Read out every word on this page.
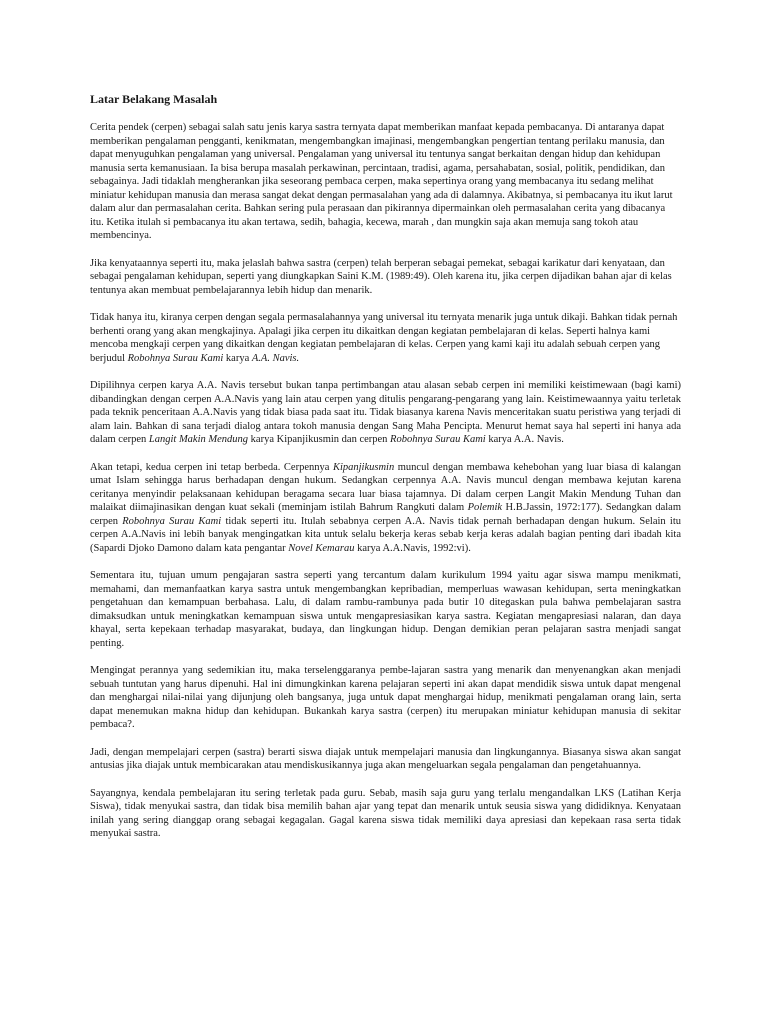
Latar Belakang Masalah

Cerita pendek (cerpen) sebagai salah satu jenis karya sastra ternyata dapat memberikan manfaat kepada pembacanya. Di antaranya dapat memberikan pengalaman pengganti, kenikmatan, mengembangkan imajinasi, mengembangkan pengertian tentang perilaku manusia, dan dapat menyuguhkan pengalaman yang universal. Pengalaman yang universal itu tentunya sangat berkaitan dengan hidup dan kehidupan manusia serta kemanusiaan. Ia bisa berupa masalah perkawinan, percintaan, tradisi, agama, persahabatan, sosial, politik, pendidikan, dan sebagainya. Jadi tidaklah mengherankan jika seseorang pembaca cerpen, maka sepertinya orang yang membacanya itu sedang melihat miniatur kehidupan manusia dan merasa sangat dekat dengan permasalahan yang ada di dalamnya. Akibatnya, si pembacanya itu ikut larut dalam alur dan permasalahan cerita. Bahkan sering pula perasaan dan pikirannya dipermainkan oleh permasalahan cerita yang dibacanya itu. Ketika itulah si pembacanya itu akan tertawa, sedih, bahagia, kecewa, marah , dan mungkin saja akan memuja sang tokoh atau membencinya.

Jika kenyataannya seperti itu, maka jelaslah bahwa sastra (cerpen) telah berperan sebagai pemekat, sebagai karikatur dari kenyataan, dan sebagai pengalaman kehidupan, seperti yang diungkapkan Saini K.M. (1989:49). Oleh karena itu, jika cerpen dijadikan bahan ajar di kelas tentunya akan membuat pembelajarannya lebih hidup dan menarik.

Tidak hanya itu, kiranya cerpen dengan segala permasalahannya yang universal itu ternyata menarik juga untuk dikaji. Bahkan tidak pernah berhenti orang yang akan mengkajinya. Apalagi jika cerpen itu dikaitkan dengan kegiatan pembelajaran di kelas. Seperti halnya kami mencoba mengkaji cerpen yang dikaitkan dengan kegiatan pembelajaran di kelas. Cerpen yang kami kaji itu adalah sebuah cerpen yang berjudul Robohnya Surau Kami karya A.A. Navis.

Dipilihnya cerpen karya A.A. Navis tersebut bukan tanpa pertimbangan atau alasan sebab cerpen ini memiliki keistimewaan (bagi kami) dibandingkan dengan cerpen A.A.Navis yang lain atau cerpen yang ditulis pengarang-pengarang yang lain. Keistimewaannya yaitu terletak pada teknik penceritaan A.A.Navis yang tidak biasa pada saat itu. Tidak biasanya karena Navis menceritakan suatu peristiwa yang terjadi di alam lain. Bahkan di sana terjadi dialog antara tokoh manusia dengan Sang Maha Pencipta. Menurut hemat saya hal seperti ini hanya ada dalam cerpen Langit Makin Mendung karya Kipanjikusmin dan cerpen Robohnya Surau Kami karya A.A. Navis.

Akan tetapi, kedua cerpen ini tetap berbeda. Cerpennya Kipanjikusmin muncul dengan membawa kehebohan yang luar biasa di kalangan umat Islam sehingga harus berhadapan dengan hukum. Sedangkan cerpennya A.A. Navis muncul dengan membawa kejutan karena ceritanya menyindir pelaksanaan kehidupan beragama secara luar biasa tajamnya. Di dalam cerpen Langit Makin Mendung Tuhan dan malaikat diimajinasikan dengan kuat sekali (meminjam istilah Bahrum Rangkuti dalam Polemik H.B.Jassin, 1972:177). Sedangkan dalam cerpen Robohnya Surau Kami tidak seperti itu. Itulah sebabnya cerpen A.A. Navis tidak pernah berhadapan dengan hukum. Selain itu cerpen A.A.Navis ini lebih banyak mengingatkan kita untuk selalu bekerja keras sebab kerja keras adalah bagian penting dari ibadah kita (Sapardi Djoko Damono dalam kata pengantar Novel Kemarau karya A.A.Navis, 1992:vi).

Sementara itu, tujuan umum pengajaran sastra seperti yang tercantum dalam kurikulum 1994 yaitu agar siswa mampu menikmati, memahami, dan memanfaatkan karya sastra untuk mengembangkan kepribadian, memperluas wawasan kehidupan, serta meningkatkan pengetahuan dan kemampuan berbahasa. Lalu, di dalam rambu-rambunya pada butir 10 ditegaskan pula bahwa pembelajaran sastra dimaksudkan untuk meningkatkan kemampuan siswa untuk mengapresiasikan karya sastra. Kegiatan mengapresiasi nalaran, dan daya khayal, serta kepekaan terhadap masyarakat, budaya, dan lingkungan hidup. Dengan demikian peran pelajaran sastra menjadi sangat penting.

Mengingat perannya yang sedemikian itu, maka terselenggaranya pembe-lajaran sastra yang menarik dan menyenangkan akan menjadi sebuah tuntutan yang harus dipenuhi. Hal ini dimungkinkan karena pelajaran seperti ini akan dapat mendidik siswa untuk dapat mengenal dan menghargai nilai-nilai yang dijunjung oleh bangsanya, juga untuk dapat menghargai hidup, menikmati pengalaman orang lain, serta dapat menemukan makna hidup dan kehidupan. Bukankah karya sastra (cerpen) itu merupakan miniatur kehidupan manusia di sekitar pembaca?.

Jadi, dengan mempelajari cerpen (sastra) berarti siswa diajak untuk mempelajari manusia dan lingkungannya. Biasanya siswa akan sangat antusias jika diajak untuk membicarakan atau mendiskusikannya juga akan mengeluarkan segala pengalaman dan pengetahuannya.

Sayangnya, kendala pembelajaran itu sering terletak pada guru. Sebab, masih saja guru yang terlalu mengandalkan LKS (Latihan Kerja Siswa), tidak menyukai sastra, dan tidak bisa memilih bahan ajar yang tepat dan menarik untuk seusia siswa yang dididiknya. Kenyataan inilah yang sering dianggap orang sebagai kegagalan. Gagal karena siswa tidak memiliki daya apresiasi dan kepekaan rasa serta tidak menyukai sastra.
